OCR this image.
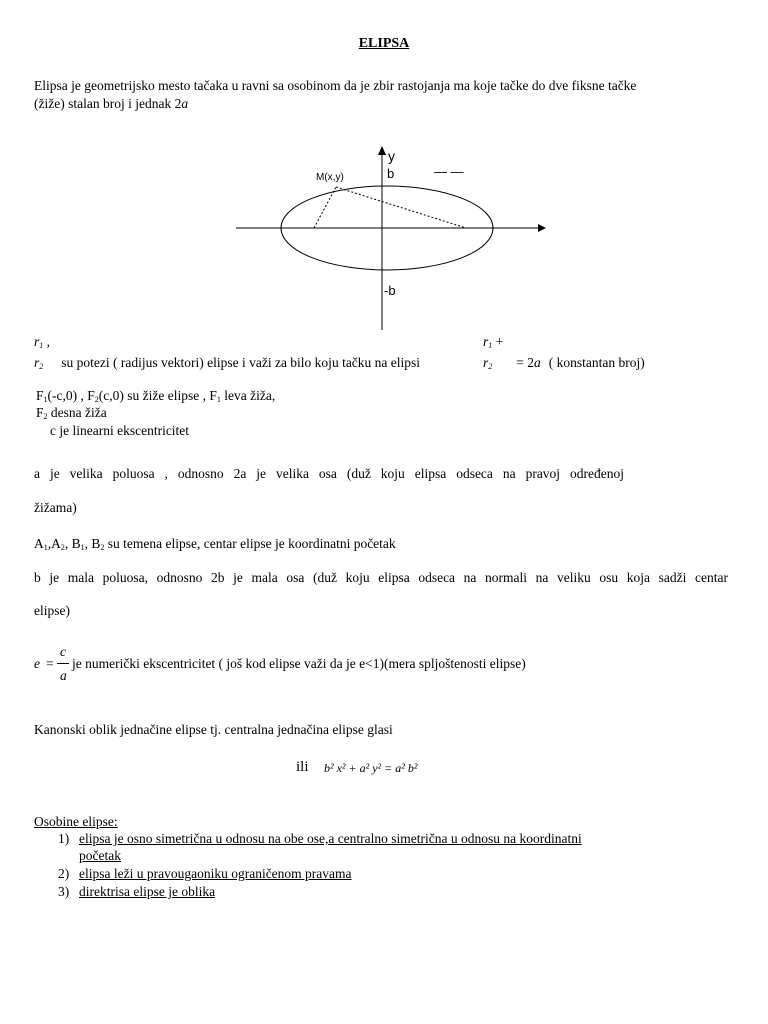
ELIPSA
Elipsa je geometrijsko mesto tačaka u ravni sa osobinom da je zbir rastojanja ma koje tačke do dve fiksne tačke
(žiže) stalan broj i jednak 2a
y
b
-b
M(x,y)	— —
$r_1$ ,
$r_2$ su potezi ( radijus vektori) elipse i važi za bilo koju tačku na elipsi
$r_1$ +
$r_2 = 2a$ ( konstantan broj)
$F_1(-c,0)$ , $F_2(c,0)$ su žiže elipse , $F_1$ leva žiža,
$F_2$ desna žiža
c je linearni ekscentricitet
a je velika poluosa , odnosno 2a je velika osa (duž koju elipsa odseca na pravoj određenoj
žižama)
$A_1,A_2$, $B_1$, $B_2$ su temena elipse, centar elipse je koordinatni početak
b je mala poluosa, odnosno 2b je mala osa (duž koju elipsa odseca na normali na veliku osu koja sadži centar
elipse)
e =
c
a
je numerički ekscentricitet ( još kod elipse važi da je e<1)(mera spljoštenosti elipse)
Kanonski oblik jednačine elipse tj. centralna jednačina elipse glasi
ili b² x² + a² y² = a² b²
Osobine elipse:
1) elipsa je osno simetrična u odnosu na obe ose,a centralno simetrična u odnosu na koordinatni
početak
2) elipsa leži u pravougaoniku ograničenom pravama
3) direktrisa elipse je oblika
